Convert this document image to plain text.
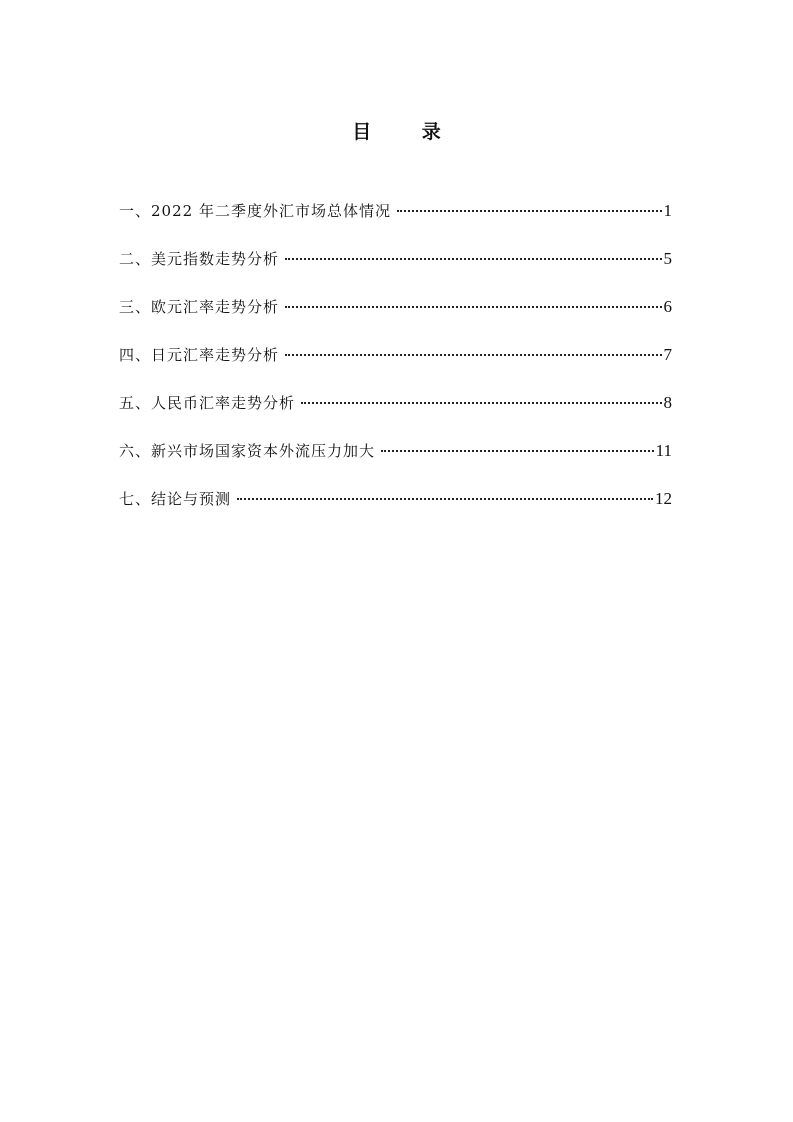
目 录
一、2022 年二季度外汇市场总体情况	1
二、美元指数走势分析	5
三、欧元汇率走势分析	6
四、日元汇率走势分析	7
五、人民币汇率走势分析	8
六、新兴市场国家资本外流压力加大	11
七、结论与预测	12
